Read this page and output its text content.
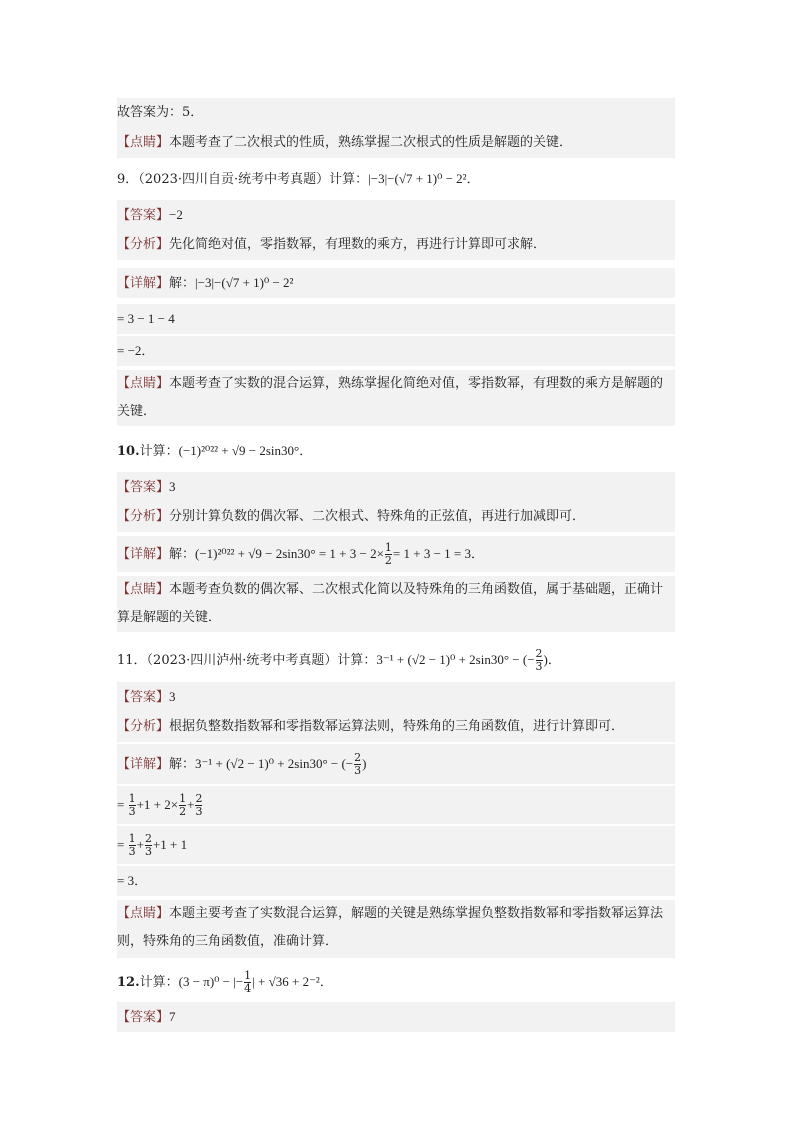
故答案为：5．
【点睛】本题考查了二次根式的性质，熟练掌握二次根式的性质是解题的关键．
9．（2023·四川自贡·统考中考真题）计算：|−3|−(√7 + 1)⁰ − 2²．
【答案】−2
【分析】先化简绝对值，零指数幂，有理数的乘方，再进行计算即可求解．
【详解】解：|−3|−(√7 + 1)⁰ − 2²
= 3 − 1 − 4
= −2．
【点睛】本题考查了实数的混合运算，熟练掌握化简绝对值，零指数幂，有理数的乘方是解题的关键．
10.计算：(−1)²⁰²² + √9 − 2sin30°．
【答案】3
【分析】分别计算负数的偶次幂、二次根式、特殊角的正弦值，再进行加减即可．
【详解】解：$(-1)^{2022} + √9 - 2\sin 30^\circ = 1 + 3 - 2\times \frac{1}{2} = 1 + 3 - 1 = 3$．
【点睛】本题考查负数的偶次幂、二次根式化简以及特殊角的三角函数值，属于基础题，正确计算是解题的关键．
11．（2023·四川泸州·统考中考真题）计算：3⁻¹ + (√2 − 1)⁰ + 2sin30° − (− $\frac{2}{3}$ )．
【答案】3
【分析】根据负整数指数幂和零指数幂运算法则，特殊角的三角函数值，进行计算即可．
【详解】解：3⁻¹ + (√2 − 1)⁰ + 2sin30° − (− $\frac{2}{3}$ )
= $\frac{1}{3} +1 + 2\times \frac{1}{2} + \frac{2}{3}$
= $\frac{1}{3} + \frac{2}{3} +1 + 1$
= 3．
【点睛】本题主要考查了实数混合运算，解题的关键是熟练掌握负整数指数幂和零指数幂运算法则，特殊角的三角函数值，准确计算．
12.计算：(3 − π)⁰ − |− $\frac{1}{4}$ | + √36 + 2⁻²．
【答案】7
